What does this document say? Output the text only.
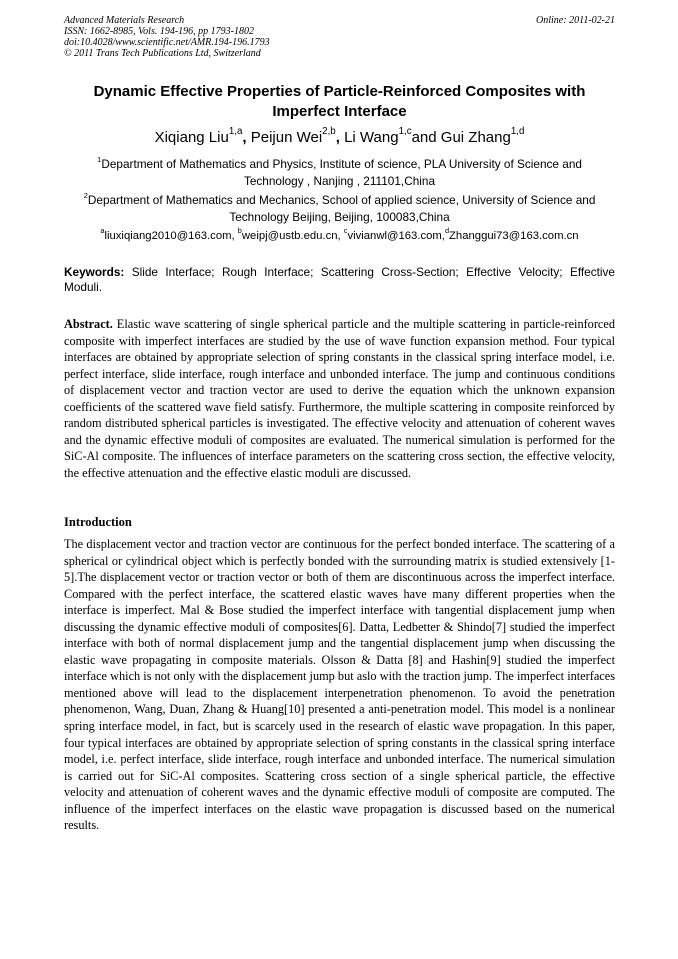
Advanced Materials Research
ISSN: 1662-8985, Vols. 194-196, pp 1793-1802
doi:10.4028/www.scientific.net/AMR.194-196.1793
© 2011 Trans Tech Publications Ltd, Switzerland
Online: 2011-02-21
Dynamic Effective Properties of Particle-Reinforced Composites with
Imperfect Interface
Xiqiang Liu$^{1,a}$, Peijun Wei$^{2,b}$, Li Wang$^{1,c}$and Gui Zhang$^{1,d}$
$^1$Department of Mathematics and Physics, Institute of science, PLA University of Science and
Technology , Nanjing , 211101,China
$^2$Department of Mathematics and Mechanics, School of applied science, University of Science and
Technology Beijing, Beijing, 100083,China
$^a$liuxiqiang2010@163.com, $^b$weipj@ustb.edu.cn, $^c$vivianwl@163.com,$^d$Zhanggui73@163.com.cn
Keywords: Slide Interface; Rough Interface; Scattering Cross-Section; Effective Velocity; Effective Moduli.
Abstract. Elastic wave scattering of single spherical particle and the multiple scattering in particle-reinforced composite with imperfect interfaces are studied by the use of wave function expansion method. Four typical interfaces are obtained by appropriate selection of spring constants in the classical spring interface model, i.e. perfect interface, slide interface, rough interface and unbonded interface. The jump and continuous conditions of displacement vector and traction vector are used to derive the equation which the unknown expansion coefficients of the scattered wave field satisfy. Furthermore, the multiple scattering in composite reinforced by random distributed spherical particles is investigated. The effective velocity and attenuation of coherent waves and the dynamic effective moduli of composites are evaluated. The numerical simulation is performed for the SiC-Al composite. The influences of interface parameters on the scattering cross section, the effective velocity, the effective attenuation and the effective elastic moduli are discussed.
Introduction
The displacement vector and traction vector are continuous for the perfect bonded interface. The scattering of a spherical or cylindrical object which is perfectly bonded with the surrounding matrix is studied extensively [1-5].The displacement vector or traction vector or both of them are discontinuous across the imperfect interface. Compared with the perfect interface, the scattered elastic waves have many different properties when the interface is imperfect. Mal & Bose studied the imperfect interface with tangential displacement jump when discussing the dynamic effective moduli of composites[6]. Datta, Ledbetter & Shindo[7] studied the imperfect interface with both of normal displacement jump and the tangential displacement jump when discussing the elastic wave propagating in composite materials. Olsson & Datta [8] and Hashin[9] studied the imperfect interface which is not only with the displacement jump but aslo with the traction jump. The imperfect interfaces mentioned above will lead to the displacement interpenetration phenomenon. To avoid the penetration phenomenon, Wang, Duan, Zhang & Huang[10] presented a anti-penetration model. This model is a nonlinear spring interface model, in fact, but is scarcely used in the research of elastic wave propagation. In this paper, four typical interfaces are obtained by appropriate selection of spring constants in the classical spring interface model, i.e. perfect interface, slide interface, rough interface and unbonded interface. The numerical simulation is carried out for SiC-Al composites. Scattering cross section of a single spherical particle, the effective velocity and attenuation of coherent waves and the dynamic effective moduli of composite are computed. The influence of the imperfect interfaces on the elastic wave propagation is discussed based on the numerical results.
